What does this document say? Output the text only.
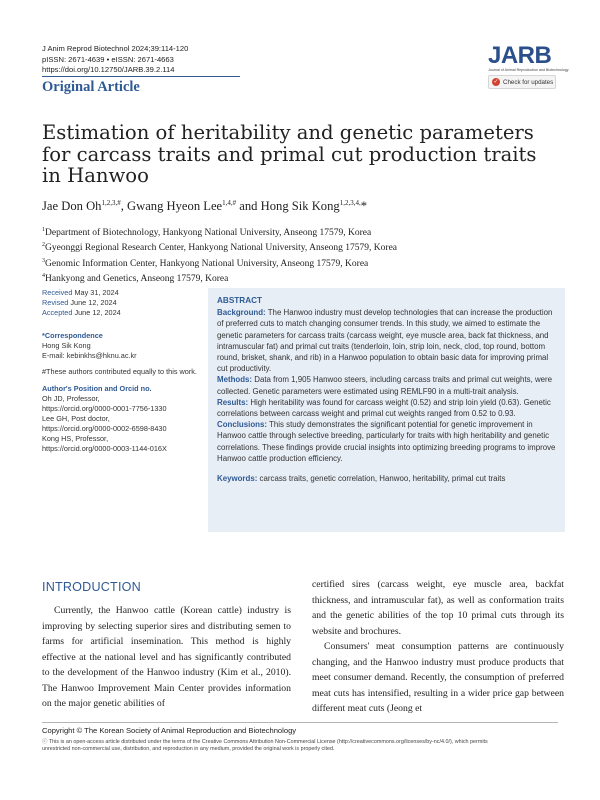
J Anim Reprod Biotechnol 2024;39:114-120
pISSN: 2671-4639 • eISSN: 2671-4663
https://doi.org/10.12750/JARB.39.2.114
Original Article
JARB
Journal of Animal Reproduction and Biotechnology
✓ Check for updates
Estimation of heritability and genetic parameters
for carcass traits and primal cut production traits
in Hanwoo
Jae Don $Oh^{1,2,3,\#}$, Gwang Hyeon Lee$^{1,4,\#}$ and Hong Sik Kong$^{1,2,3,4,}$*
$^1$Department of Biotechnology, Hankyong National University, Anseong 17579, Korea
$^2$Gyeonggi Regional Research Center, Hankyong National University, Anseong 17579, Korea
$^3$Genomic Information Center, Hankyong National University, Anseong 17579, Korea
$^4$Hankyong and Genetics, Anseong 17579, Korea
Received May 31, 2024
Revised June 12, 2024
Accepted June 12, 2024
*Correspondence
Hong Sik Kong
E-mail: kebinkhs@hknu.ac.kr
#These authors contributed equally to this work.
Author's Position and Orcid no.
Oh JD, Professor,
https://orcid.org/0000-0001-7756-1330
Lee GH, Post doctor,
https://orcid.org/0000-0002-6598-8430
Kong HS, Professor,
https://orcid.org/0000-0003-1144-016X
ABSTRACT

Background: The Hanwoo industry must develop technologies that can increase the production of preferred cuts to match changing consumer trends. In this study, we aimed to estimate the genetic parameters for carcass traits (carcass weight, eye muscle area, back fat thickness, and intramuscular fat) and primal cut traits (tenderloin, loin, strip loin, neck, clod, top round, bottom round, brisket, shank, and rib) in a Hanwoo population to obtain basic data for improving primal cut productivity.

Methods: Data from 1,905 Hanwoo steers, including carcass traits and primal cut weights, were collected. Genetic parameters were estimated using REMLF90 in a multi-trait analysis.

Results: High heritability was found for carcass weight (0.52) and strip loin yield (0.63). Genetic correlations between carcass weight and primal cut weights ranged from 0.52 to 0.93.

Conclusions: This study demonstrates the significant potential for genetic improvement in Hanwoo cattle through selective breeding, particularly for traits with high heritability and genetic correlations. These findings provide crucial insights into optimizing breeding programs to improve Hanwoo cattle production efficiency.

Keywords: carcass traits, genetic correlation, Hanwoo, heritability, primal cut traits

INTRODUCTION

Currently, the Hanwoo cattle (Korean cattle) industry is improving by selecting superior sires and distributing semen to farms for artificial insemination. This method is highly effective at the national level and has significantly contributed to the development of the Hanwoo industry (Kim et al., 2010). The Hanwoo Improvement Main Center provides information on the major genetic abilities of

certified sires (carcass weight, eye muscle area, backfat thickness, and intramuscular fat), as well as conformation traits and the genetic abilities of the top 10 primal cuts through its website and brochures.

Consumers' meat consumption patterns are continuously changing, and the Hanwoo industry must produce products that meet consumer demand. Recently, the consumption of preferred meat cuts has intensified, resulting in a wider price gap between different meat cuts (Jeong et

Copyright © The Korean Society of Animal Reproduction and Biotechnology
ⓒ This is an open-access article distributed under the terms of the Creative Commons Attribution Non-Commercial License (http://creativecommons.org/licenses/by-nc/4.0/), which permits
unrestricted non-commercial use, distribution, and reproduction in any medium, provided the original work is properly cited.
